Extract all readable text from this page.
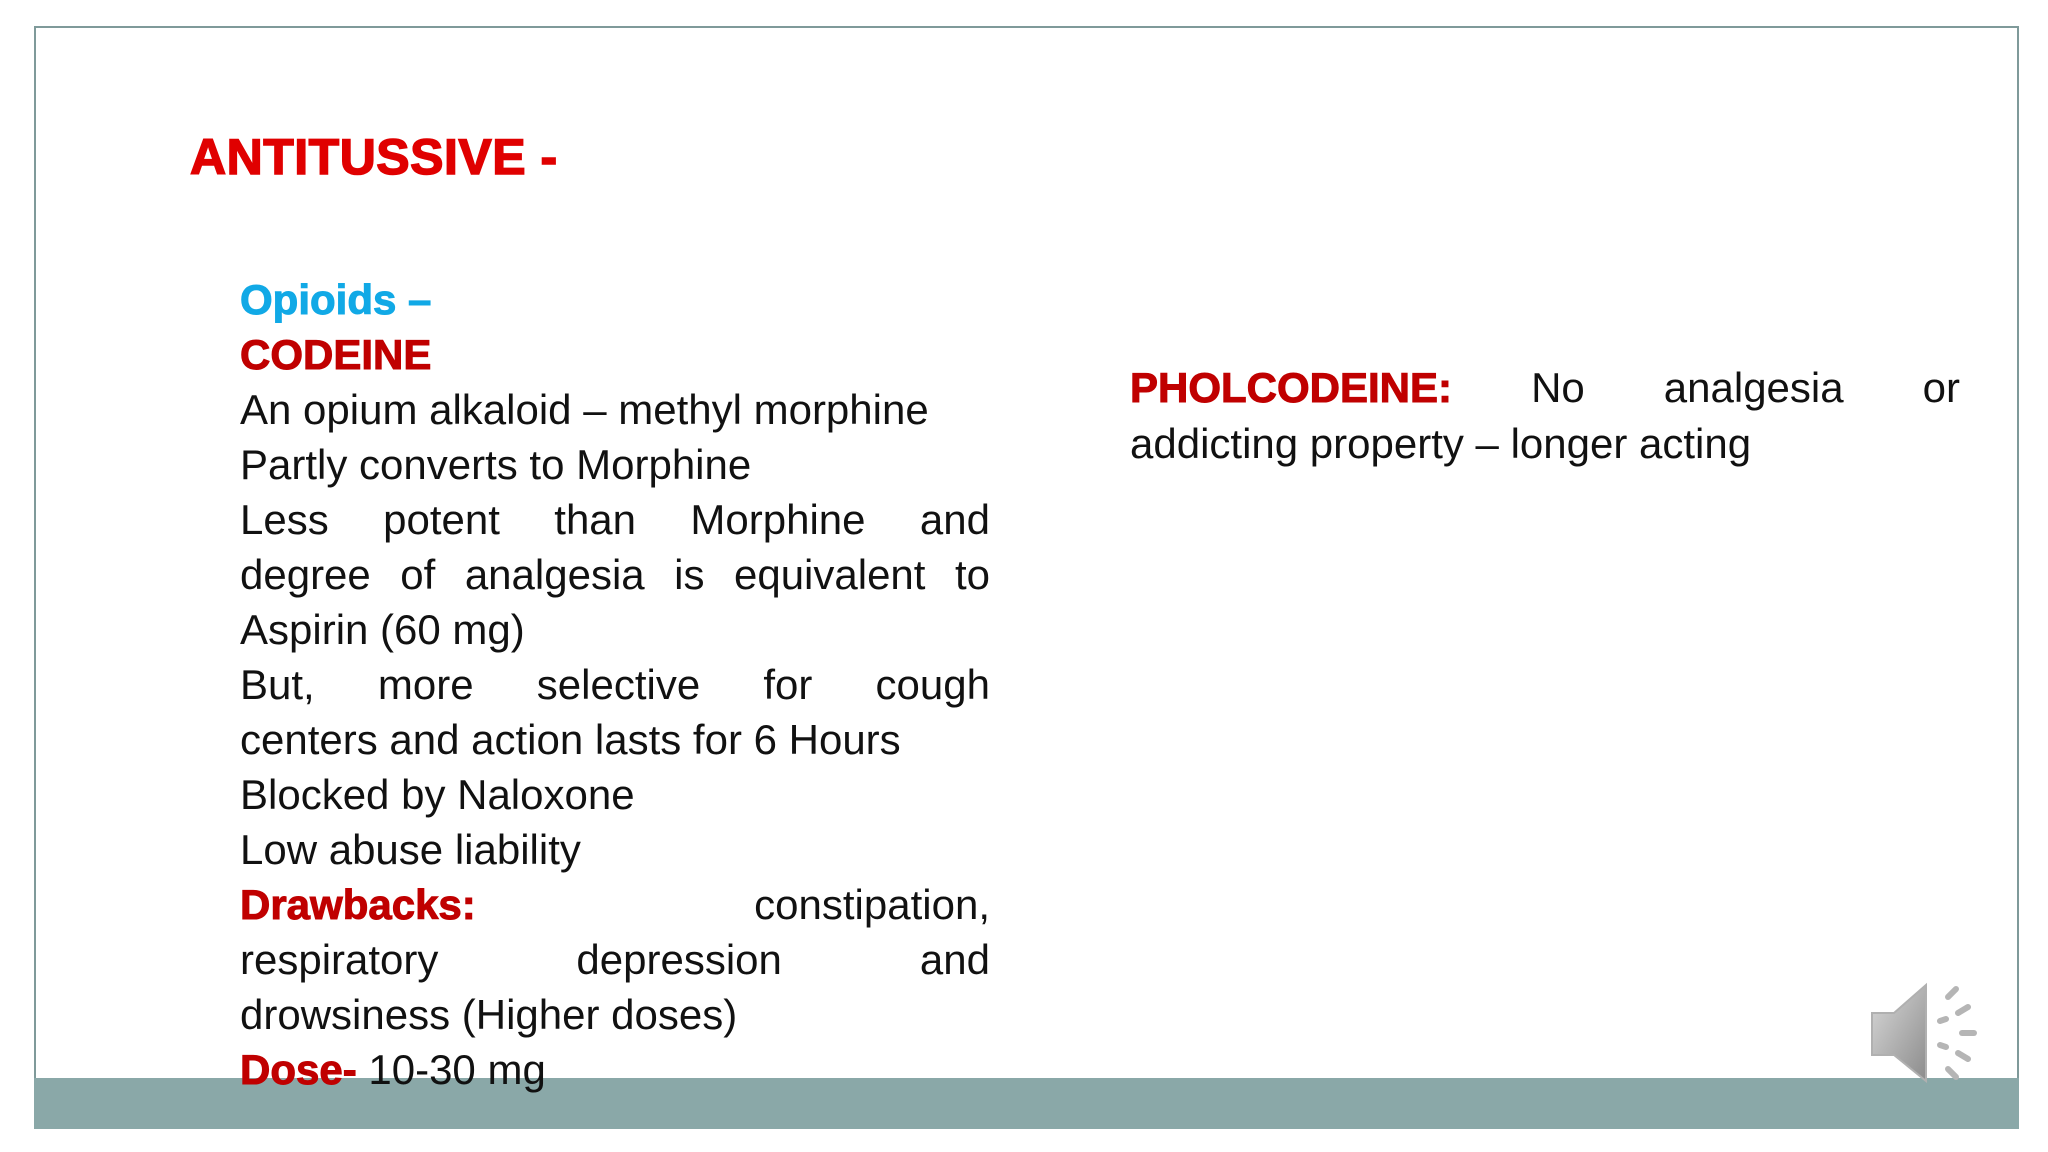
ANTITUSSIVE -
Opioids –
CODEINE
An opium alkaloid – methyl morphine
Partly converts to Morphine
Less potent than Morphine and
degree of analgesia is equivalent to
Aspirin (60 mg)
But, more selective for cough
centers and action lasts for 6 Hours
Blocked by Naloxone
Low abuse liability
Drawbacks:	constipation,
respiratory depression and
drowsiness (Higher doses)
Dose- 10-30 mg
PHOLCODEINE: No analgesia or
addicting property – longer acting
